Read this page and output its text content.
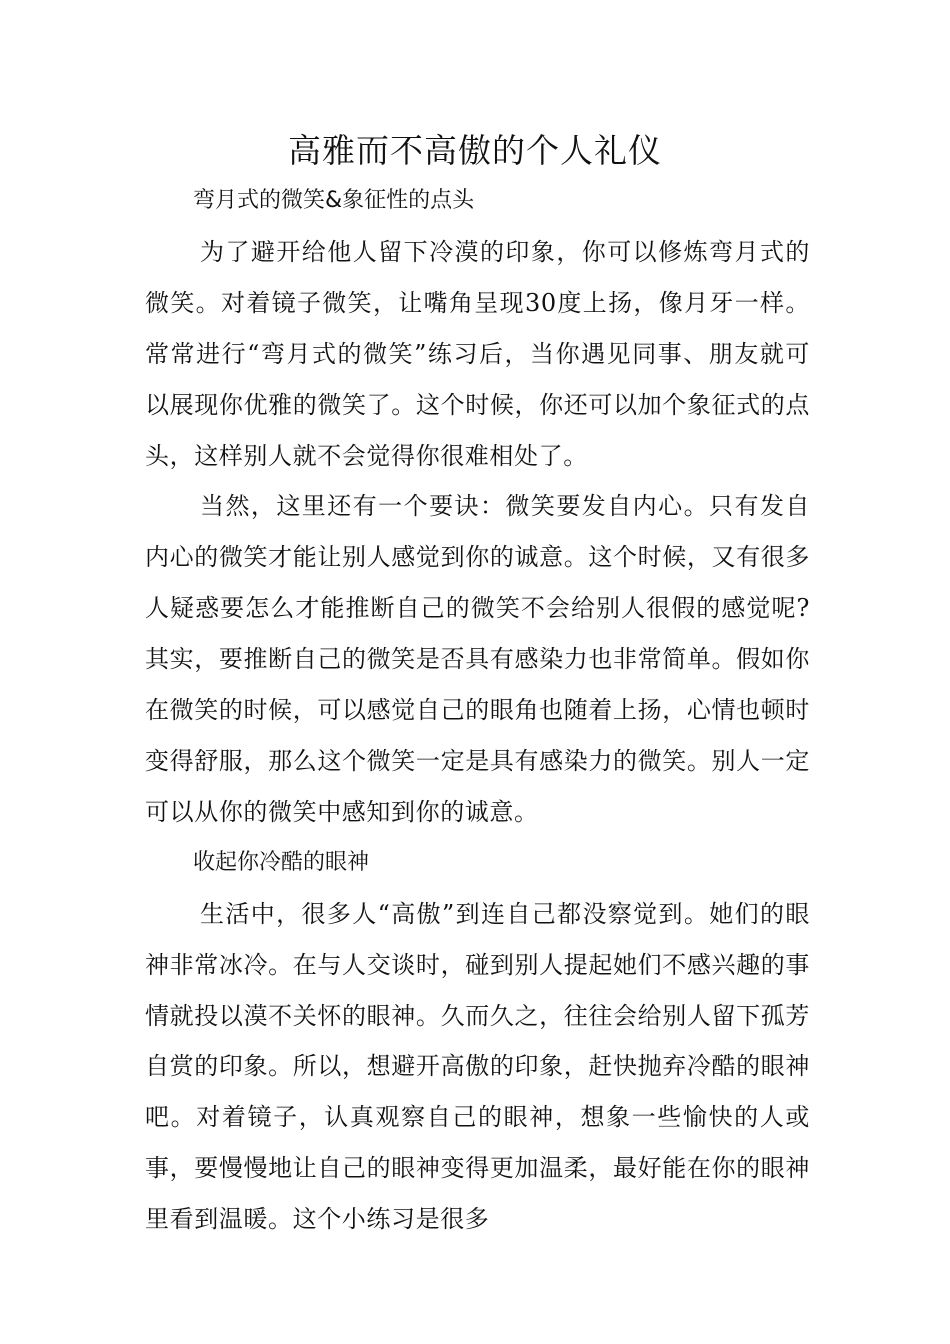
高雅而不高傲的个人礼仪

弯月式的微笑&象征性的点头

为了避开给他人留下冷漠的印象，你可以修炼弯月式的微笑。对着镜子微笑，让嘴角呈现30度上扬，像月牙一样。常常进行“弯月式的微笑”练习后，当你遇见同事、朋友就可以展现你优雅的微笑了。这个时候，你还可以加个象征式的点头，这样别人就不会觉得你很难相处了。

当然，这里还有一个要诀：微笑要发自内心。只有发自内心的微笑才能让别人感觉到你的诚意。这个时候，又有很多人疑惑要怎么才能推断自己的微笑不会给别人很假的感觉呢?其实，要推断自己的微笑是否具有感染力也非常简单。假如你在微笑的时候，可以感觉自己的眼角也随着上扬，心情也顿时变得舒服，那么这个微笑一定是具有感染力的微笑。别人一定可以从你的微笑中感知到你的诚意。

收起你冷酷的眼神

生活中，很多人“高傲”到连自己都没察觉到。她们的眼神非常冰冷。在与人交谈时，碰到别人提起她们不感兴趣的事情就投以漠不关怀的眼神。久而久之，往往会给别人留下孤芳自赏的印象。所以，想避开高傲的印象，赶快抛弃冷酷的眼神吧。对着镜子，认真观察自己的眼神，想象一些愉快的人或事，要慢慢地让自己的眼神变得更加温柔，最好能在你的眼神里看到温暖。这个小练习是很多
